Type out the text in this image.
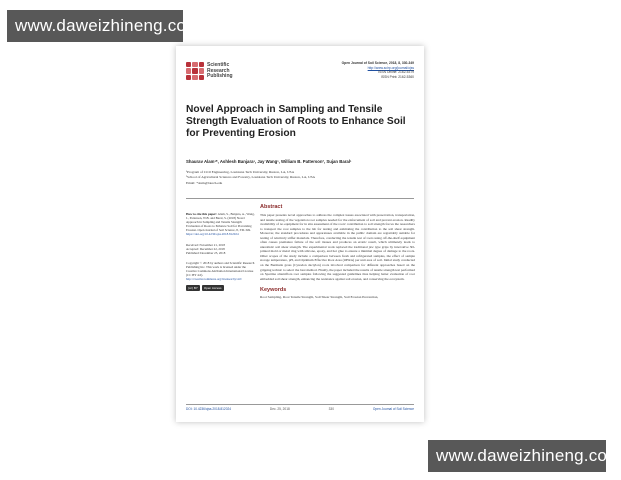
www.daweizhineng.com
Scientific
Research
Publishing
Open Journal of Soil Science, 2018, 8, 330-349
http://www.scirp.org/journal/ojss
ISSN Online: 2162-5379
ISSN Print: 2162-5360
Novel Approach in Sampling and Tensile Strength Evaluation of Roots to Enhance Soil for Preventing Erosion
Shaurav Alam¹*, Ashlesh Banjara¹, Jay Wang¹, William B. Patterson², Sujan Baral¹
¹Program of Civil Engineering, Louisiana Tech University, Ruston, LA, USA
²School of Agricultural Sciences and Forestry, Louisiana Tech University, Ruston, LA, USA
Email: *alam@latech.edu
How to cite this paper: Alam, S., Banjara, A., Wang, J., Patterson, W.B. and Baral, S. (2018) Novel Approach in Sampling and Tensile Strength Evaluation of Roots to Enhance Soil for Preventing Erosion. Open Journal of Soil Science, 8, 330-349.
https://doi.org/10.4236/ojss.2018.812024
Received: November 21, 2018
Accepted: December 22, 2018
Published: December 25, 2018
Copyright © 2018 by authors and Scientific Research Publishing Inc. This work is licensed under the Creative Commons Attribution International License (CC BY 4.0).
http://creativecommons.org/licenses/by/4.0/
(cc) BY	Open Access
Abstract
This paper presents novel approaches to address the complex issues associated with preservation, transportation, and tensile testing of the vegetation root samples needed for the enforcement of soil and prevent erosion. Readily availability of no equipment for in situ assessment of the roots' contribution to soil strength forces the researchers to transport the root samples to the lab for testing and estimating the contribution to the soil shear strength. Moreover, the standard procedures and apparatuses available in the public domain are regrettably suitable for testing of relatively stiffer materials. Therefore, conducting the tensile test of roots using off-the-shelf equipment often causes premature failure of the soft tissues and produces an erratic result, which ultimately leads to unrealistic soil shear strength. The experimental work replaced the traditional jaw type grips by innovative 3D-printed mold or metal ring with silicone, epoxy, and hot glue to ensure a minimal degree of damage to the roots. Other scopes of the study include a comparison between fresh and refrigerated samples, the effect of sample storage temperature, pH, and Optimum Effective Root Area (OERA) per unit area of soil. Initial study conducted on the Bermuda grass (Cynodon dactylon) roots involved comparison for different approaches based on the gripping technic to select the best method. Finally, the paper included the results of tensile strength test performed on Spartina alterniflora root samples following the suggested guidelines thus helping better evaluation of root embedded soil shear strength, enhancing the resistance against soil erosion, and conserving the ecosystem.
Keywords
Root Sampling, Root Tensile Strength, Soil Shear Strength, Soil Erosion Prevention,
DOI: 10.4236/ojss.2018.812024	Dec. 25, 2018	330	Open Journal of Soil Science
www.daweizhineng.com
